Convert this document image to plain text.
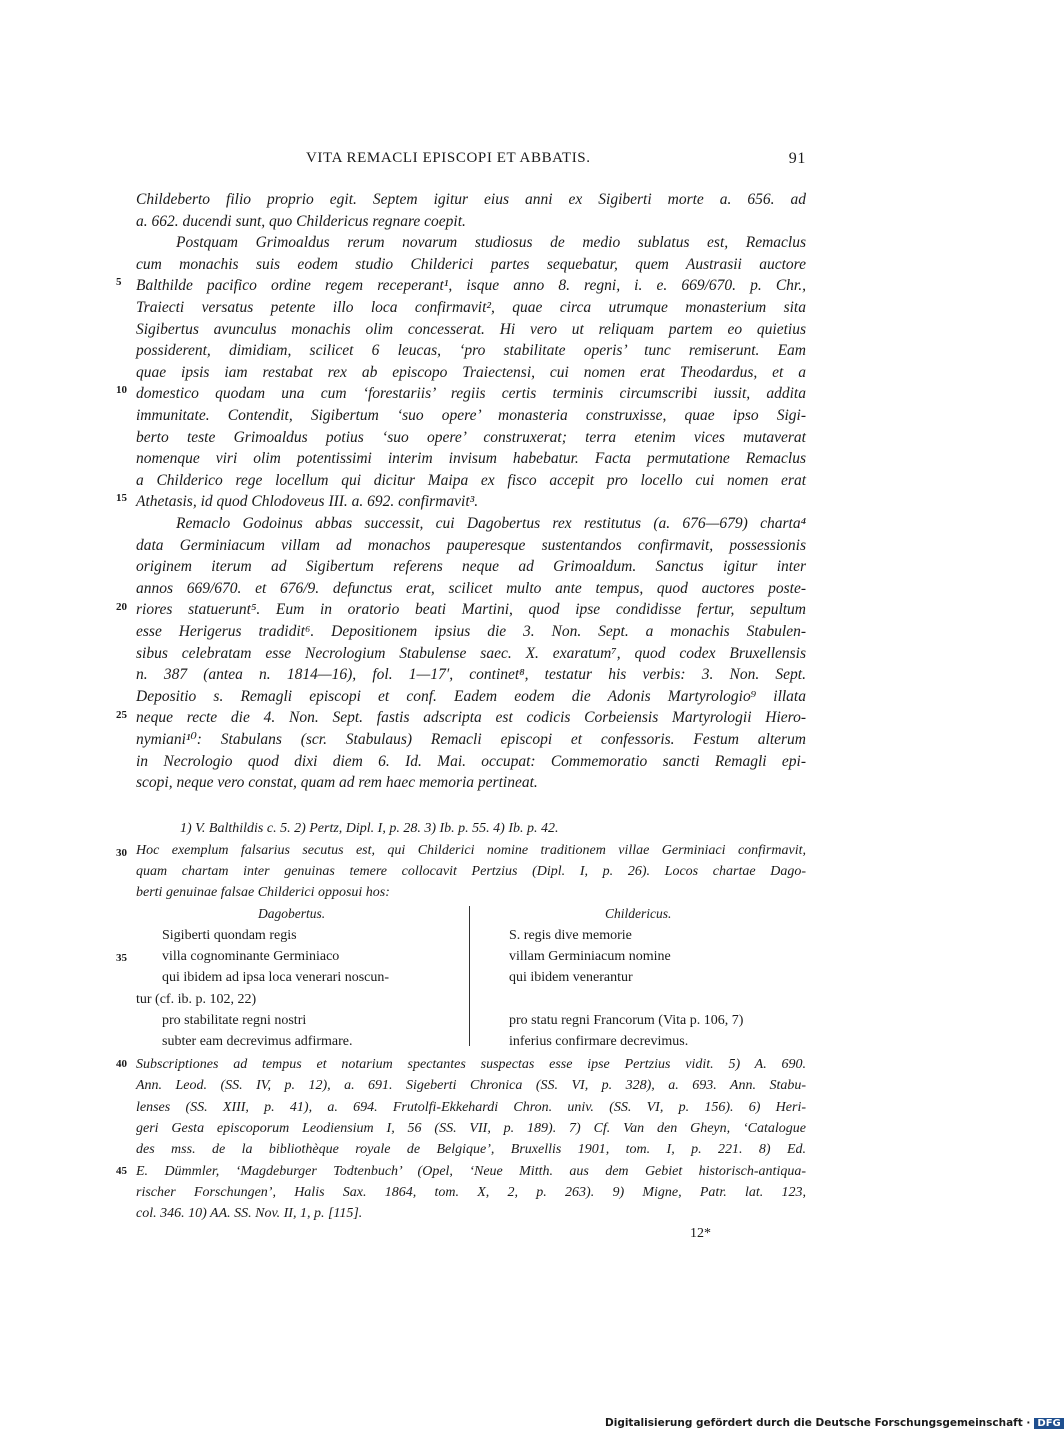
VITA REMACLI EPISCOPI ET ABBATIS.	91
Childeberto filio proprio egit. Septem igitur eius anni ex Sigiberti morte a. 656. ad
a. 662. ducendi sunt, quo Childericus regnare coepit.
Postquam Grimoaldus rerum novarum studiosus de medio sublatus est, Remaclus
cum monachis suis eodem studio Childerici partes sequebatur, quem Austrasii auctore
Balthilde pacifico ordine regem receperant¹, isque anno 8. regni, i. e. 669/670. p. Chr.,
Traiecti versatus petente illo loca confirmavit², quae circa utrumque monasterium sita
Sigibertus avunculus monachis olim concesserat. Hi vero ut reliquam partem eo quietius
possiderent, dimidiam, scilicet 6 leucas, ‘pro stabilitate operis’ tunc remiserunt. Eam
quae ipsis iam restabat rex ab episcopo Traiectensi, cui nomen erat Theodardus, et a
domestico quodam una cum ‘forestariis’ regiis certis terminis circumscribi iussit, addita
immunitate. Contendit, Sigibertum ‘suo opere’ monasteria construxisse, quae ipso Sigi-
berto teste Grimoaldus potius ‘suo opere’ construxerat; terra etenim vices mutaverat
nomenque viri olim potentissimi interim invisum habebatur. Facta permutatione Remaclus
a Childerico rege locellum qui dicitur Maipa ex fisco accepit pro locello cui nomen erat
Athetasis, id quod Chlodoveus III. a. 692. confirmavit³.
Remaclo Godoinus abbas successit, cui Dagobertus rex restitutus (a. 676—679) charta⁴
data Germiniacum villam ad monachos pauperesque sustentandos confirmavit, possessionis
originem iterum ad Sigibertum referens neque ad Grimoaldum. Sanctus igitur inter
annos 669/670. et 676/9. defunctus erat, scilicet multo ante tempus, quod auctores poste-
riores statuerunt⁵. Eum in oratorio beati Martini, quod ipse condidisse fertur, sepultum
esse Herigerus tradidit⁶. Depositionem ipsius die 3. Non. Sept. a monachis Stabulen-
sibus celebratam esse Necrologium Stabulense saec. X. exaratum⁷, quod codex Bruxellensis
n. 387 (antea n. 1814—16), fol. 1—17′, continet⁸, testatur his verbis: 3. Non. Sept.
Depositio s. Remagli episcopi et conf. Eadem eodem die Adonis Martyrologio⁹ illata
neque recte die 4. Non. Sept. fastis adscripta est codicis Corbeiensis Martyrologii Hiero-
nymiani¹⁰: Stabulans (scr. Stabulaus) Remacli episcopi et confessoris. Festum alterum
in Necrologio quod dixi diem 6. Id. Mai. occupat: Commemoratio sancti Remagli epi-
scopi, neque vero constat, quam ad rem haec memoria pertineat.
5
10
15
20
25
30
35
40
45
1) V. Balthildis c. 5. 2) Pertz, Dipl. I, p. 28. 3) Ib. p. 55. 4) Ib. p. 42.
Hoc exemplum falsarius secutus est, qui Childerici nomine traditionem villae Germiniaci confirmavit,
quam chartam inter genuinas temere collocavit Pertzius (Dipl. I, p. 26). Locos chartae Dago-
berti genuinae falsae Childerici opposui hos:
Dagobertus.	Childericus.
Sigiberti quondam regis
villa cognominante Germiniaco
qui ibidem ad ipsa loca venerari noscun-
tur (cf. ib. p. 102, 22)
pro stabilitate regni nostri
subter eam decrevimus adfirmare.
S. regis dive memorie
villam Germiniacum nomine
qui ibidem venerantur
pro statu regni Francorum (Vita p. 106, 7)
inferius confirmare decrevimus.
Subscriptiones ad tempus et notarium spectantes suspectas esse ipse Pertzius vidit. 5) A. 690.
Ann. Leod. (SS. IV, p. 12), a. 691. Sigeberti Chronica (SS. VI, p. 328), a. 693. Ann. Stabu-
lenses (SS. XIII, p. 41), a. 694. Frutolfi-Ekkehardi Chron. univ. (SS. VI, p. 156). 6) Heri-
geri Gesta episcoporum Leodiensium I, 56 (SS. VII, p. 189). 7) Cf. Van den Gheyn, ‘Catalogue
des mss. de la bibliothèque royale de Belgique’, Bruxellis 1901, tom. I, p. 221. 8) Ed.
E. Dümmler, ‘Magdeburger Todtenbuch’ (Opel, ‘Neue Mitth. aus dem Gebiet historisch-antiqua-
rischer Forschungen’, Halis Sax. 1864, tom. X, 2, p. 263). 9) Migne, Patr. lat. 123,
col. 346. 10) AA. SS. Nov. II, 1, p. [115].
12*
Digitalisierung gefördert durch die Deutsche Forschungsgemeinschaft · DFG
